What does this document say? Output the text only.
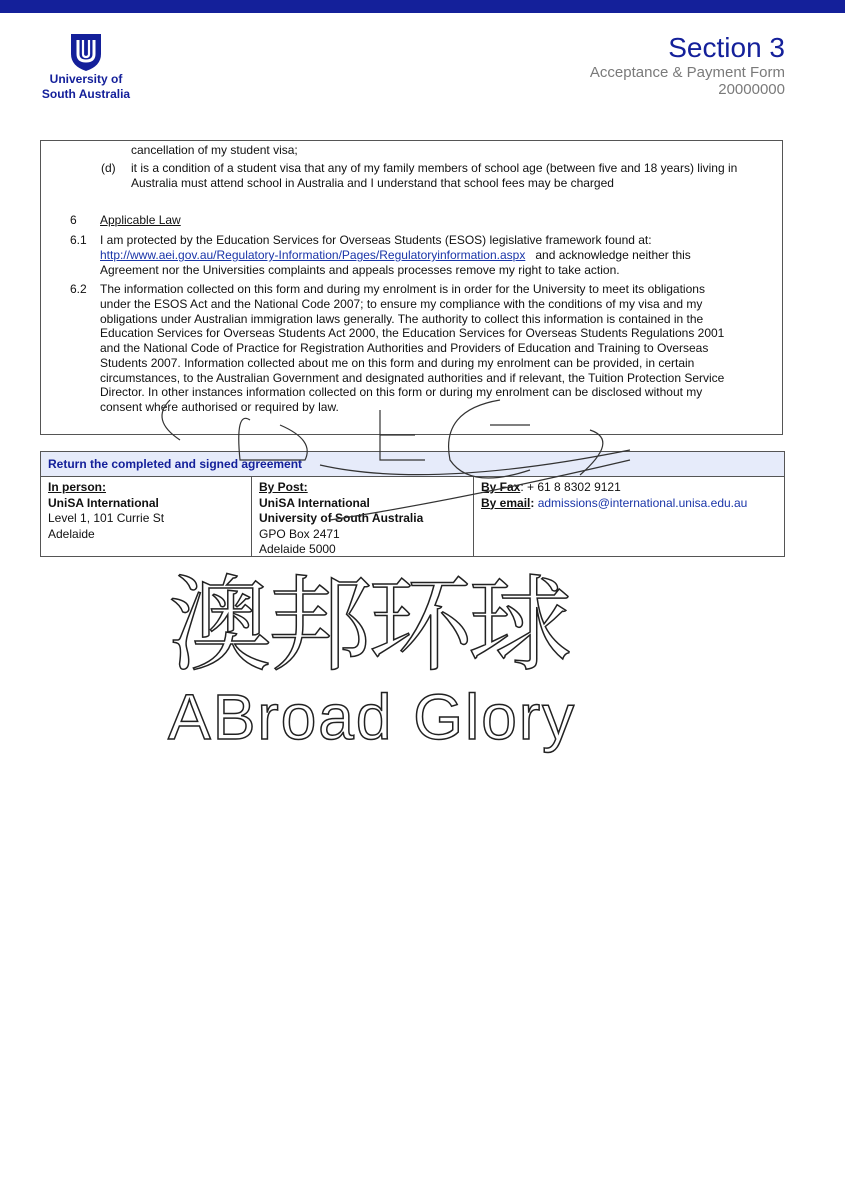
University of
South Australia
Section 3
Acceptance & Payment Form
20000000
cancellation of my student visa;
(d) it is a condition of a student visa that any of my family members of school age (between five and 18 years) living in
Australia must attend school in Australia and I understand that school fees may be charged
6 Applicable Law
6.1 I am protected by the Education Services for Overseas Students (ESOS) legislative framework found at:
http://www.aei.gov.au/Regulatory-Information/Pages/Regulatoryinformation.aspx and acknowledge neither this
Agreement nor the Universities complaints and appeals processes remove my right to take action.
6.2 The information collected on this form and during my enrolment is in order for the University to meet its obligations
under the ESOS Act and the National Code 2007; to ensure my compliance with the conditions of my visa and my
obligations under Australian immigration laws generally. The authority to collect this information is contained in the
Education Services for Overseas Students Act 2000, the Education Services for Overseas Students Regulations 2001
and the National Code of Practice for Registration Authorities and Providers of Education and Training to Overseas
Students 2007. Information collected about me on this form and during my enrolment can be provided, in certain
circumstances, to the Australian Government and designated authorities and if relevant, the Tuition Protection Service
Director. In other instances information collected on this form or during my enrolment can be disclosed without my
consent where authorised or required by law.
Return the completed and signed agreement
In person:
UniSA International
Level 1, 101 Currie St
Adelaide
By Post:
UniSA International
University of South Australia
GPO Box 2471
Adelaide 5000
By Fax: + 61 8 8302 9121
By email: admissions@international.unisa.edu.au
澳邦环球
ABroad Glory
